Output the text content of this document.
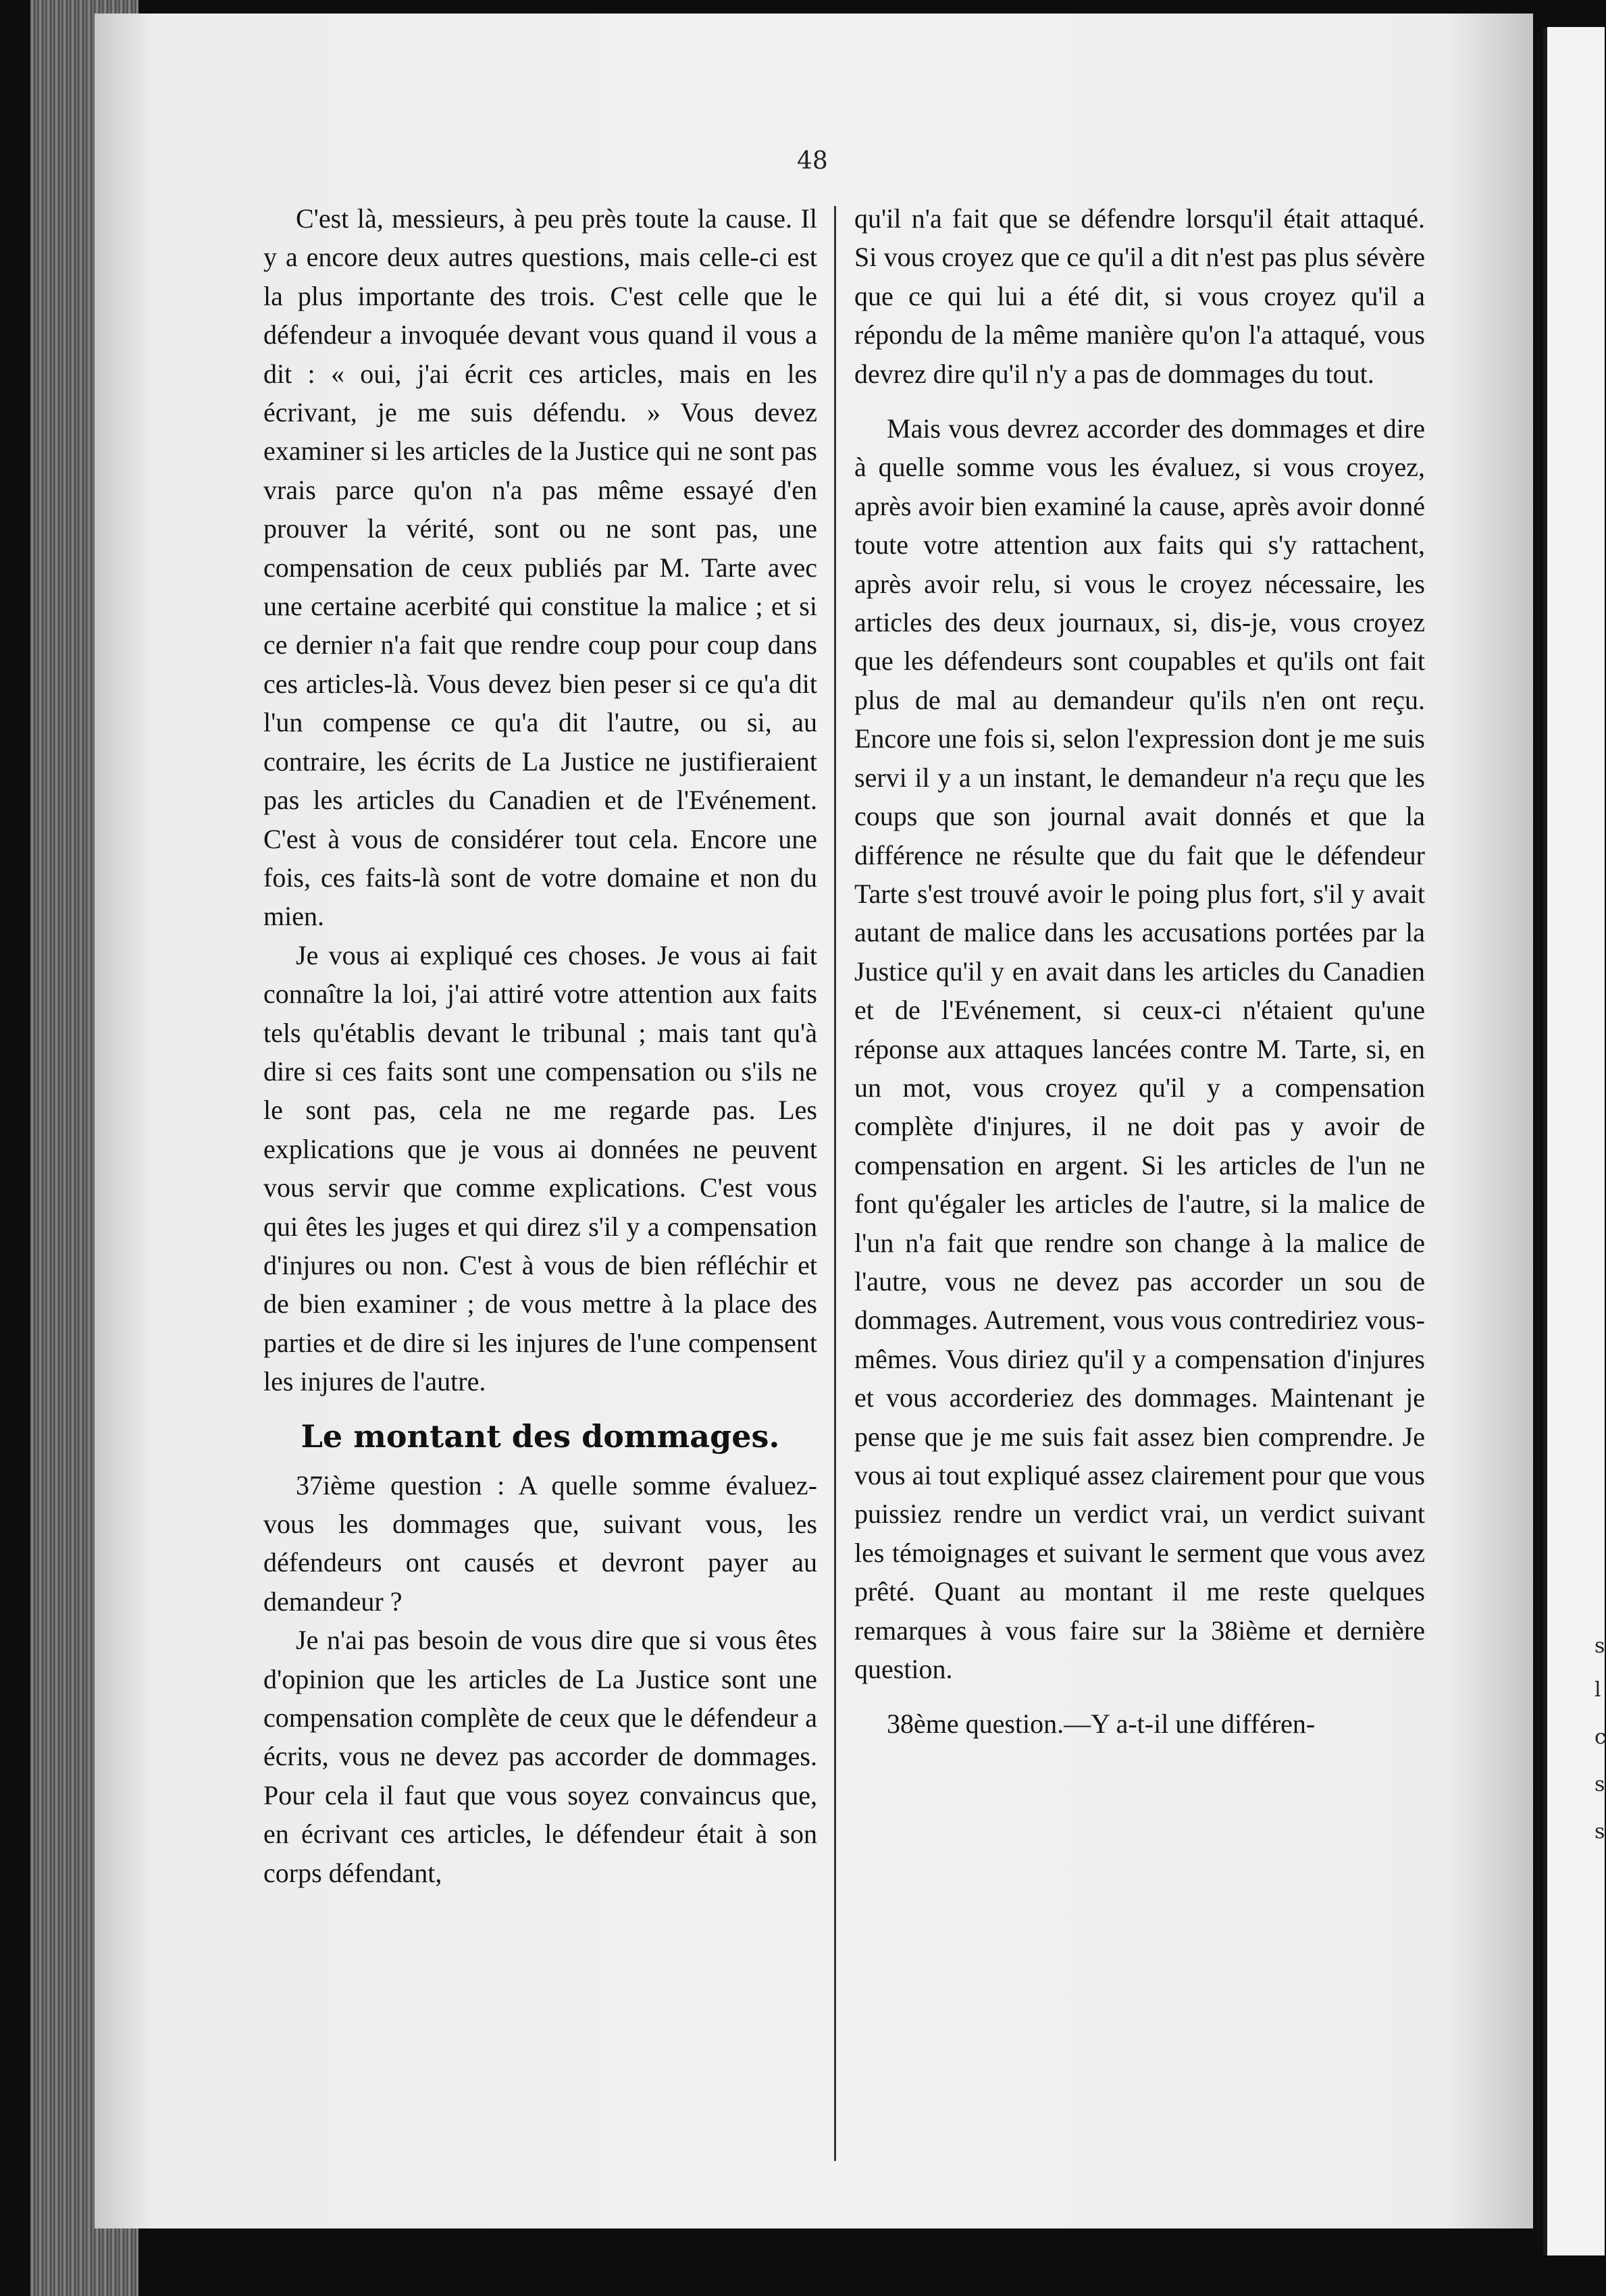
s
l
c
s
s
48

C'est là, messieurs, à peu près toute la cause. Il y a encore deux autres questions, mais celle-ci est la plus importante des trois. C'est celle que le défendeur a invoquée devant vous quand il vous a dit : « oui, j'ai écrit ces articles, mais en les écrivant, je me suis défendu. » Vous devez examiner si les articles de la Justice qui ne sont pas vrais parce qu'on n'a pas même essayé d'en prouver la vérité, sont ou ne sont pas, une compensation de ceux publiés par M. Tarte avec une certaine acerbité qui constitue la malice ; et si ce dernier n'a fait que rendre coup pour coup dans ces articles-là. Vous devez bien peser si ce qu'a dit l'un compense ce qu'a dit l'autre, ou si, au contraire, les écrits de La Justice ne justifieraient pas les articles du Canadien et de l'Evénement. C'est à vous de considérer tout cela. Encore une fois, ces faits-là sont de votre domaine et non du mien.

Je vous ai expliqué ces choses. Je vous ai fait connaître la loi, j'ai attiré votre attention aux faits tels qu'établis devant le tribunal ; mais tant qu'à dire si ces faits sont une compensation ou s'ils ne le sont pas, cela ne me regarde pas. Les explications que je vous ai données ne peuvent vous servir que comme explications. C'est vous qui êtes les juges et qui direz s'il y a compensation d'injures ou non. C'est à vous de bien réfléchir et de bien examiner ; de vous mettre à la place des parties et de dire si les injures de l'une compensent les injures de l'autre.

Le montant des dommages.

37ième question : A quelle somme évaluez-vous les dommages que, suivant vous, les défendeurs ont causés et devront payer au demandeur ?

Je n'ai pas besoin de vous dire que si vous êtes d'opinion que les articles de La Justice sont une compensation complète de ceux que le défendeur a écrits, vous ne devez pas accorder de dommages. Pour cela il faut que vous soyez convaincus que, en écrivant ces articles, le défendeur était à son corps défendant,

qu'il n'a fait que se défendre lorsqu'il était attaqué. Si vous croyez que ce qu'il a dit n'est pas plus sévère que ce qui lui a été dit, si vous croyez qu'il a répondu de la même manière qu'on l'a attaqué, vous devrez dire qu'il n'y a pas de dommages du tout.

Mais vous devrez accorder des dommages et dire à quelle somme vous les évaluez, si vous croyez, après avoir bien examiné la cause, après avoir donné toute votre attention aux faits qui s'y rattachent, après avoir relu, si vous le croyez nécessaire, les articles des deux journaux, si, dis-je, vous croyez que les défendeurs sont coupables et qu'ils ont fait plus de mal au demandeur qu'ils n'en ont reçu. Encore une fois si, selon l'expression dont je me suis servi il y a un instant, le demandeur n'a reçu que les coups que son journal avait donnés et que la différence ne résulte que du fait que le défendeur Tarte s'est trouvé avoir le poing plus fort, s'il y avait autant de malice dans les accusations portées par la Justice qu'il y en avait dans les articles du Canadien et de l'Evénement, si ceux-ci n'étaient qu'une réponse aux attaques lancées contre M. Tarte, si, en un mot, vous croyez qu'il y a compensation complète d'injures, il ne doit pas y avoir de compensation en argent. Si les articles de l'un ne font qu'égaler les articles de l'autre, si la malice de l'un n'a fait que rendre son change à la malice de l'autre, vous ne devez pas accorder un sou de dommages. Autrement, vous vous contrediriez vous-mêmes. Vous diriez qu'il y a compensation d'injures et vous accorderiez des dommages. Maintenant je pense que je me suis fait assez bien comprendre. Je vous ai tout expliqué assez clairement pour que vous puissiez rendre un verdict vrai, un verdict suivant les témoignages et suivant le serment que vous avez prêté. Quant au montant il me reste quelques remarques à vous faire sur la 38ième et dernière question.

38ème question.—Y a-t-il une différen-
